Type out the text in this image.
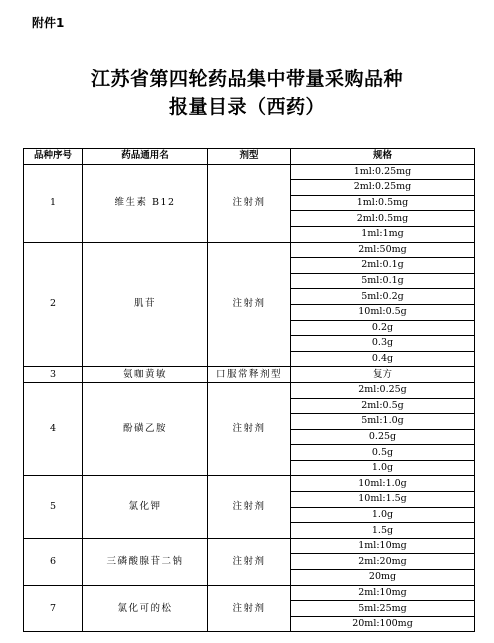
附件1
江苏省第四轮药品集中带量采购品种
报量目录（西药）
品种序号	药品通用名	剂型	规格
1	维生素 B12	注射剂	1ml:0.25mg
			2ml:0.25mg
			1ml:0.5mg
			2ml:0.5mg
			1ml:1mg
2	肌苷	注射剂	2ml:50mg
			2ml:0.1g
			5ml:0.1g
			5ml:0.2g
			10ml:0.5g
			0.2g
			0.3g
			0.4g
3	氨咖黄敏	口服常释剂型	复方
4	酚磺乙胺	注射剂	2ml:0.25g
			2ml:0.5g
			5ml:1.0g
			0.25g
			0.5g
			1.0g
5	氯化钾	注射剂	10ml:1.0g
			10ml:1.5g
			1.0g
			1.5g
6	三磷酸腺苷二钠	注射剂	1ml:10mg
			2ml:20mg
			20mg
7	氯化可的松	注射剂	2ml:10mg
			5ml:25mg
			20ml:100mg
